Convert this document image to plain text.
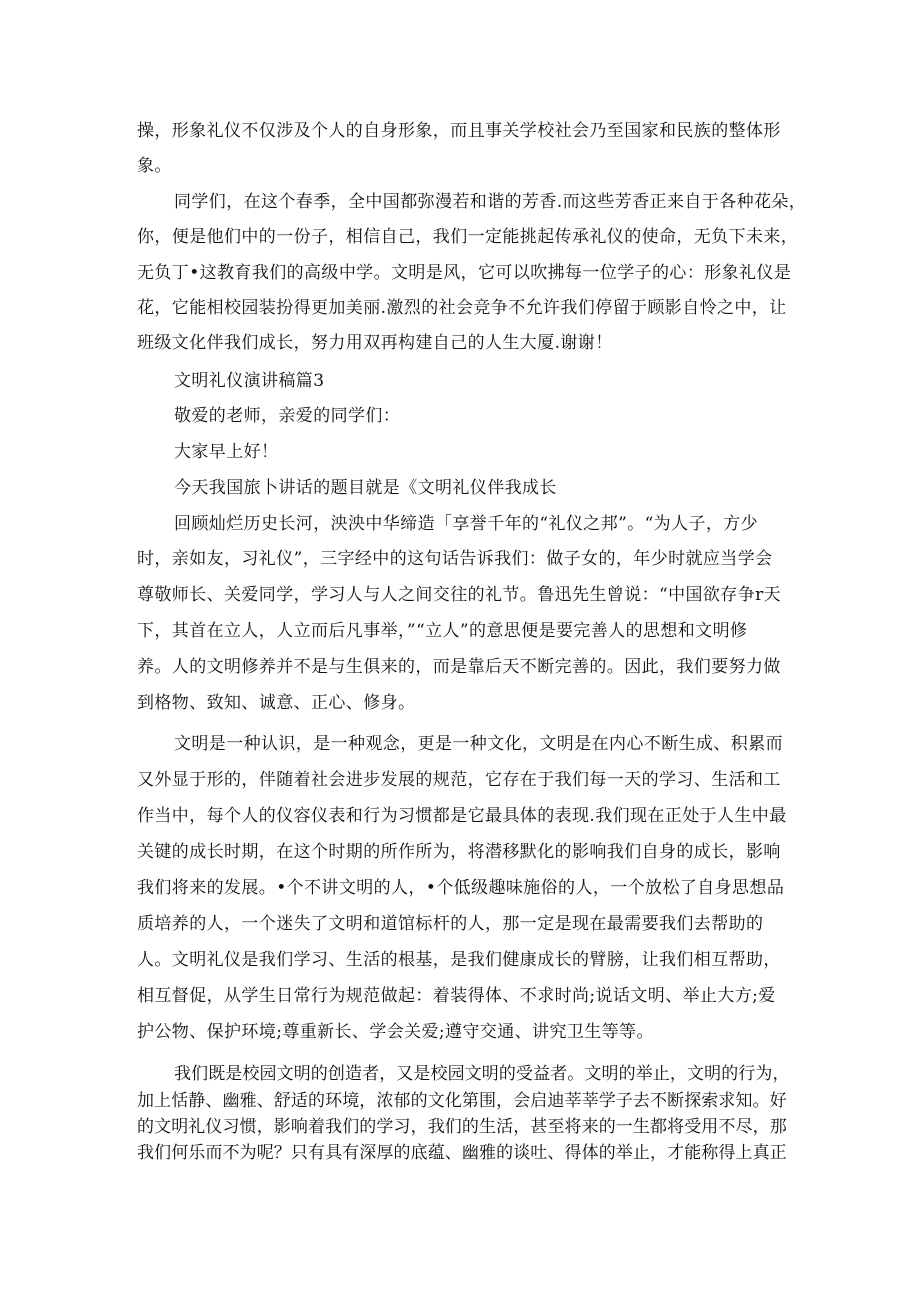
操，形象礼仪不仅涉及个人的自身形象，而且事关学校社会乃至国家和民族的整体形
象。
同学们，在这个春季，全中国都弥漫若和谐的芳香.而这些芳香正来自于各种花朵，
你，便是他们中的一份子，相信自己，我们一定能挑起传承礼仪的使命，无负下未来，
无负丁•这教育我们的高级中学。文明是风，它可以吹拂每一位学子的心：形象礼仪是
花，它能相校园装扮得更加美丽.激烈的社会竞争不允许我们停留于顾影自怜之中，让
班级文化伴我们成长，努力用双再构建自己的人生大厦.谢谢！
文明礼仪演讲稿篇3
敬爱的老师，亲爱的同学们：
大家早上好！
今天我国旅卜讲话的题目就是《文明礼仪伴我成长
回顾灿烂历史长河，泱泱中华缔造「享誉千年的“礼仪之邦”。“为人子，方少
时，亲如友，习礼仪”，三字经中的这句话告诉我们：做子女的，年少时就应当学会
尊敬师长、关爱同学，学习人与人之间交往的礼节。鲁迅先生曾说：“中国欲存争r天
下，其首在立人，人立而后凡事举，”“立人”的意思便是要完善人的思想和文明修
养。人的文明修养并不是与生俱来的，而是靠后天不断完善的。因此，我们要努力做
到格物、致知、诚意、正心、修身。
文明是一种认识，是一种观念，更是一种文化，文明是在内心不断生成、积累而
又外显于形的，伴随着社会进步发展的规范，它存在于我们每一天的学习、生活和工
作当中，每个人的仪容仪表和行为习惯都是它最具体的表现.我们现在正处于人生中最
关键的成长时期，在这个时期的所作所为，将潜移默化的影响我们自身的成长，影响
我们将来的发展。•个不讲文明的人，•个低级趣味施俗的人，一个放松了自身思想品
质培养的人，一个迷失了文明和道馆标杆的人，那一定是现在最需要我们去帮助的
人。文明礼仪是我们学习、生活的根基，是我们健康成长的臂膀，让我们相互帮助，
相互督促，从学生日常行为规范做起：着装得体、不求时尚;说话文明、举止大方;爱
护公物、保护环境;尊重新长、学会关爱;遵守交通、讲究卫生等等。
我们既是校园文明的创造者，又是校园文明的受益者。文明的举止，文明的行为，
加上恬静、幽雅、舒适的环境，浓郁的文化第围，会启迪莘莘学子去不断探索求知。好
的文明礼仪习惯，影响着我们的学习，我们的生活，甚至将来的一生都将受用不尽，那
我们何乐而不为呢？只有具有深厚的底蕴、幽雅的谈吐、得体的举止，才能称得上真正
